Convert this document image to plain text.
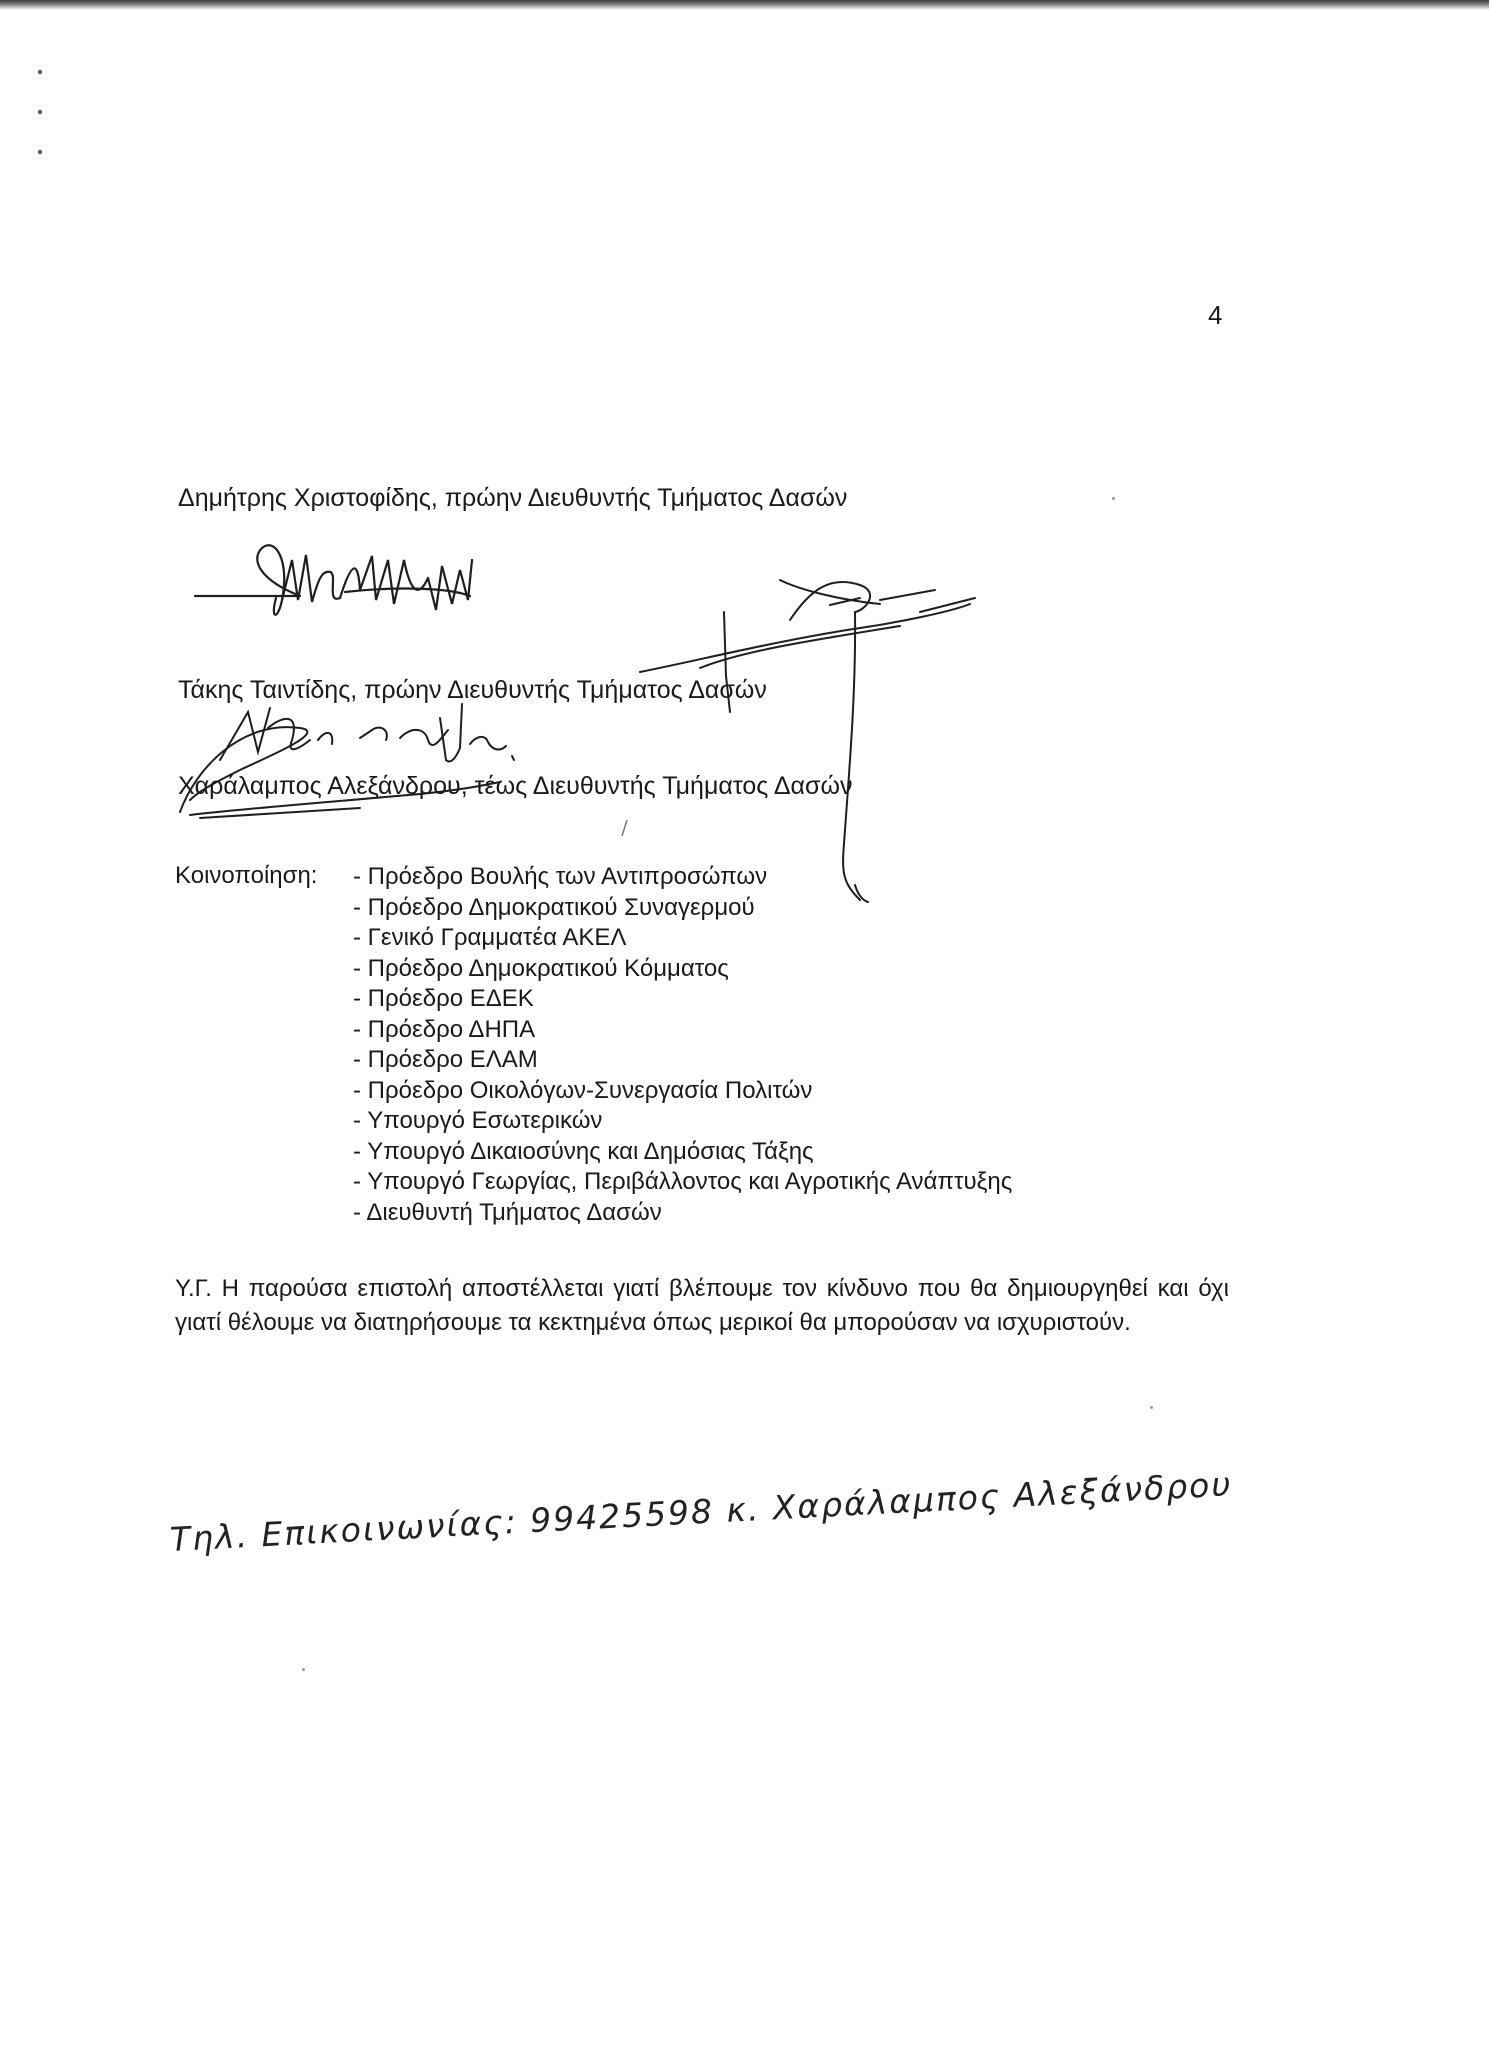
4
Δημήτρης Χριστοφίδης, πρώην Διευθυντής Τμήματος Δασών
Τάκης Ταιντίδης, πρώην Διευθυντής Τμήματος Δασών
Χαράλαμπος Αλεξάνδρου, τέως Διευθυντής Τμήματος Δασών
Κοινοποίηση:
-	Πρόεδρο Βουλής των Αντιπροσώπων
- Πρόεδρο Δημοκρατικού Συναγερμού
- Γενικό Γραμματέα ΑΚΕΛ
- Πρόεδρο Δημοκρατικού Κόμματος
- Πρόεδρο ΕΔΕΚ
- Πρόεδρο ΔΗΠΑ
- Πρόεδρο ΕΛΑΜ
- Πρόεδρο Οικολόγων-Συνεργασία Πολιτών
- Υπουργό Εσωτερικών
- Υπουργό Δικαιοσύνης και Δημόσιας Τάξης
- Υπουργό Γεωργίας, Περιβάλλοντος και Αγροτικής Ανάπτυξης
- Διευθυντή Τμήματος Δασών
Υ.Γ. Η παρούσα επιστολή αποστέλλεται γιατί βλέπουμε τον κίνδυνο που θα δημιουργηθεί και όχι γιατί θέλουμε να διατηρήσουμε τα κεκτημένα όπως μερικοί θα μπορούσαν να ισχυριστούν.
Τηλ. Επικοινωνίας: 99425598 κ. Χαράλαμπος Αλεξάνδρου
